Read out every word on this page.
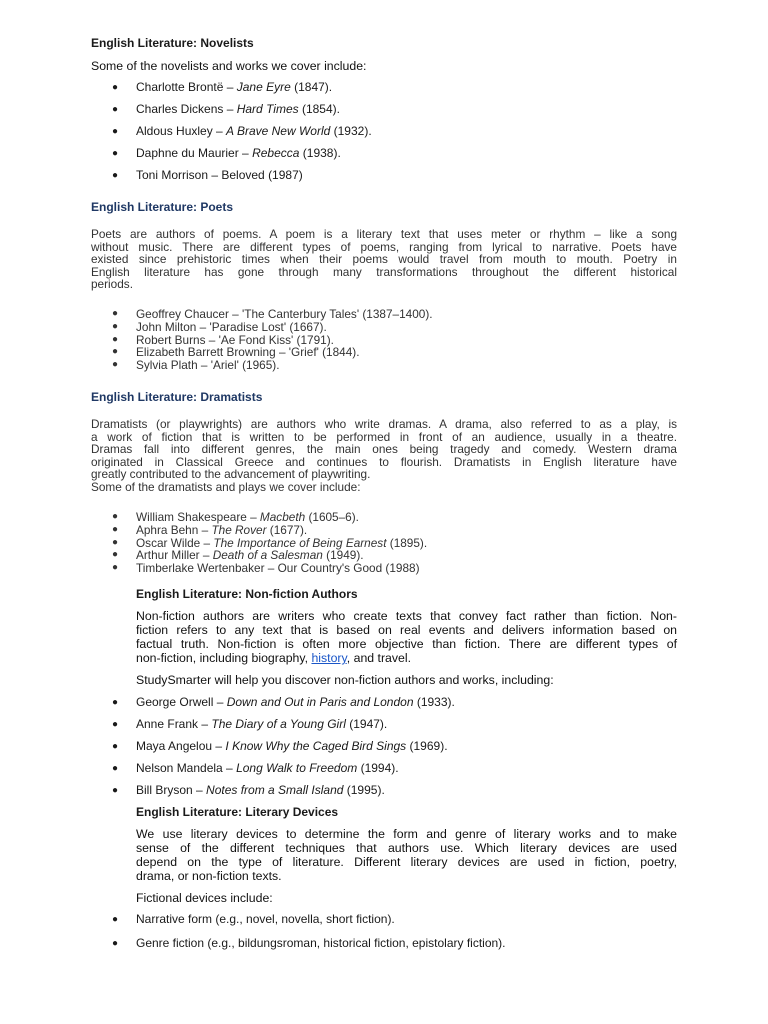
English Literature: Novelists
Some of the novelists and works we cover include:
● Charlotte Brontë – Jane Eyre (1847).
● Charles Dickens – Hard Times (1854).
● Aldous Huxley – A Brave New World (1932).
● Daphne du Maurier – Rebecca (1938).
● Toni Morrison – Beloved (1987)
English Literature: Poets
Poets are authors of poems. A poem is a literary text that uses meter or rhythm – like a song
without music. There are different types of poems, ranging from lyrical to narrative. Poets have
existed since prehistoric times when their poems would travel from mouth to mouth. Poetry in
English literature has gone through many transformations throughout the different historical
periods.
● Geoffrey Chaucer – 'The Canterbury Tales' (1387–1400).
● John Milton – 'Paradise Lost' (1667).
● Robert Burns – 'Ae Fond Kiss' (1791).
● Elizabeth Barrett Browning – 'Grief' (1844).
● Sylvia Plath – 'Ariel' (1965).
English Literature: Dramatists
Dramatists (or playwrights) are authors who write dramas. A drama, also referred to as a play, is
a work of fiction that is written to be performed in front of an audience, usually in a theatre.
Dramas fall into different genres, the main ones being tragedy and comedy. Western drama
originated in Classical Greece and continues to flourish. Dramatists in English literature have
greatly contributed to the advancement of playwriting.
Some of the dramatists and plays we cover include:
● William Shakespeare – Macbeth (1605–6).
● Aphra Behn – The Rover (1677).
● Oscar Wilde – The Importance of Being Earnest (1895).
● Arthur Miller – Death of a Salesman (1949).
● Timberlake Wertenbaker – Our Country's Good (1988)
English Literature: Non-fiction Authors
Non-fiction authors are writers who create texts that convey fact rather than fiction. Non-
fiction refers to any text that is based on real events and delivers information based on
factual truth. Non-fiction is often more objective than fiction. There are different types of
non-fiction, including biography, history, and travel.
StudySmarter will help you discover non-fiction authors and works, including:
● George Orwell – Down and Out in Paris and London (1933).
● Anne Frank – The Diary of a Young Girl (1947).
● Maya Angelou – I Know Why the Caged Bird Sings (1969).
● Nelson Mandela – Long Walk to Freedom (1994).
● Bill Bryson – Notes from a Small Island (1995).
English Literature: Literary Devices
We use literary devices to determine the form and genre of literary works and to make
sense of the different techniques that authors use. Which literary devices are used
depend on the type of literature. Different literary devices are used in fiction, poetry,
drama, or non-fiction texts.
Fictional devices include:
● Narrative form (e.g., novel, novella, short fiction).
● Genre fiction (e.g., bildungsroman, historical fiction, epistolary fiction).
